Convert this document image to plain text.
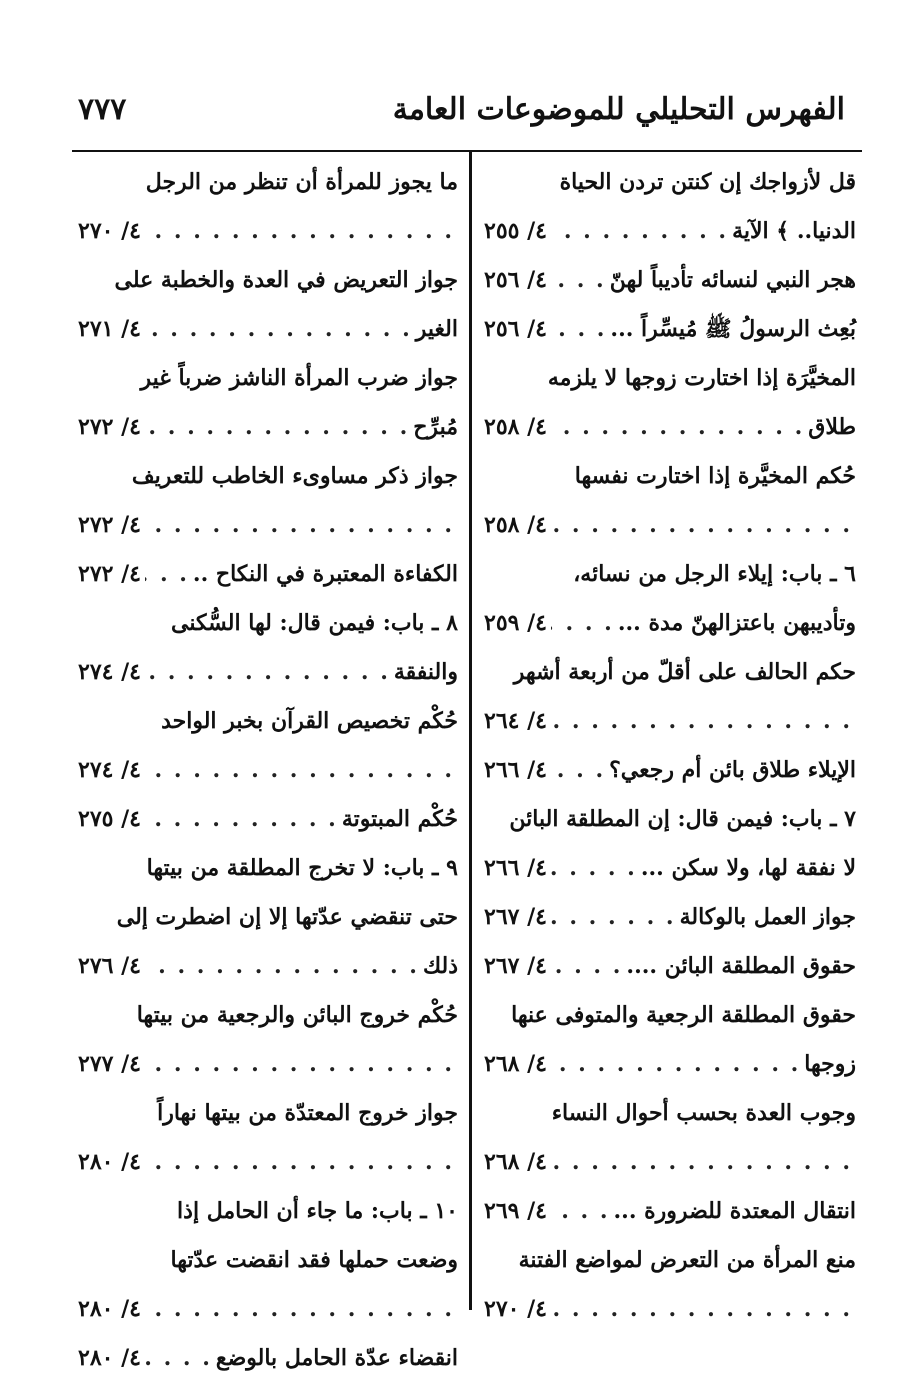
٧٧٧	الفهرس التحليلي للموضوعات العامة
قل لأزواجك إن كنتن تردن الحياة
الدنيا.. ﴾ الآية
. . .
٤/ ٢٥٥
هجر النبي لنسائه تأديباً لهنّ
. . .
٤/ ٢٥٦
بُعِث الرسولُ ﷺ مُيسِّراً ...
. . .
٤/ ٢٥٦
المخيَّرَة إذا اختارت زوجها لا يلزمه
طلاق
. . .
٤/ ٢٥٨
حُكم المخيَّرة إذا اختارت نفسها
. . .
٤/ ٢٥٨
٦ ـ باب: إيلاء الرجل من نسائه،
وتأديبهن باعتزالهنّ مدة ...
. . .
٤/ ٢٥٩
حكم الحالف على أقلّ من أربعة أشهر
. . .
٤/ ٢٦٤
الإيلاء طلاق بائن أم رجعي؟
. . .
٤/ ٢٦٦
٧ ـ باب: فيمن قال: إن المطلقة البائن
لا نفقة لها، ولا سكن ...
. . .
٤/ ٢٦٦
جواز العمل بالوكالة
. . .
٤/ ٢٦٧
حقوق المطلقة البائن ....
. . .
٤/ ٢٦٧
حقوق المطلقة الرجعية والمتوفى عنها
زوجها
. . .
٤/ ٢٦٨
وجوب العدة بحسب أحوال النساء
. . .
٤/ ٢٦٨
انتقال المعتدة للضرورة ...
. . .
٤/ ٢٦٩
منع المرأة من التعرض لمواضع الفتنة
. . .
٤/ ٢٧٠
ما يجوز للمرأة أن تنظر من الرجل
. . .
٤/ ٢٧٠
جواز التعريض في العدة والخطبة على
الغير
. . .
٤/ ٢٧١
جواز ضرب المرأة الناشز ضرباً غير
مُبرِّح
. . .
٤/ ٢٧٢
جواز ذكر مساوىء الخاطب للتعريف
. . .
٤/ ٢٧٢
الكفاءة المعتبرة في النكاح ..
. . .
٤/ ٢٧٢
٨ ـ باب: فيمن قال: لها السُّكنى
والنفقة
. . .
٤/ ٢٧٤
حُكْم تخصيص القرآن بخبر الواحد
. . .
٤/ ٢٧٤
حُكْم المبتوتة
. . .
٤/ ٢٧٥
٩ ـ باب: لا تخرج المطلقة من بيتها
حتى تنقضي عدّتها إلا إن اضطرت إلى
ذلك
. . .
٤/ ٢٧٦
حُكْم خروج البائن والرجعية من بيتها
. . .
٤/ ٢٧٧
جواز خروج المعتدّة من بيتها نهاراً
. . .
٤/ ٢٨٠
١٠ ـ باب: ما جاء أن الحامل إذا
وضعت حملها فقد انقضت عدّتها
. . .
٤/ ٢٨٠
انقضاء عدّة الحامل بالوضع
. . .
٤/ ٢٨٠
